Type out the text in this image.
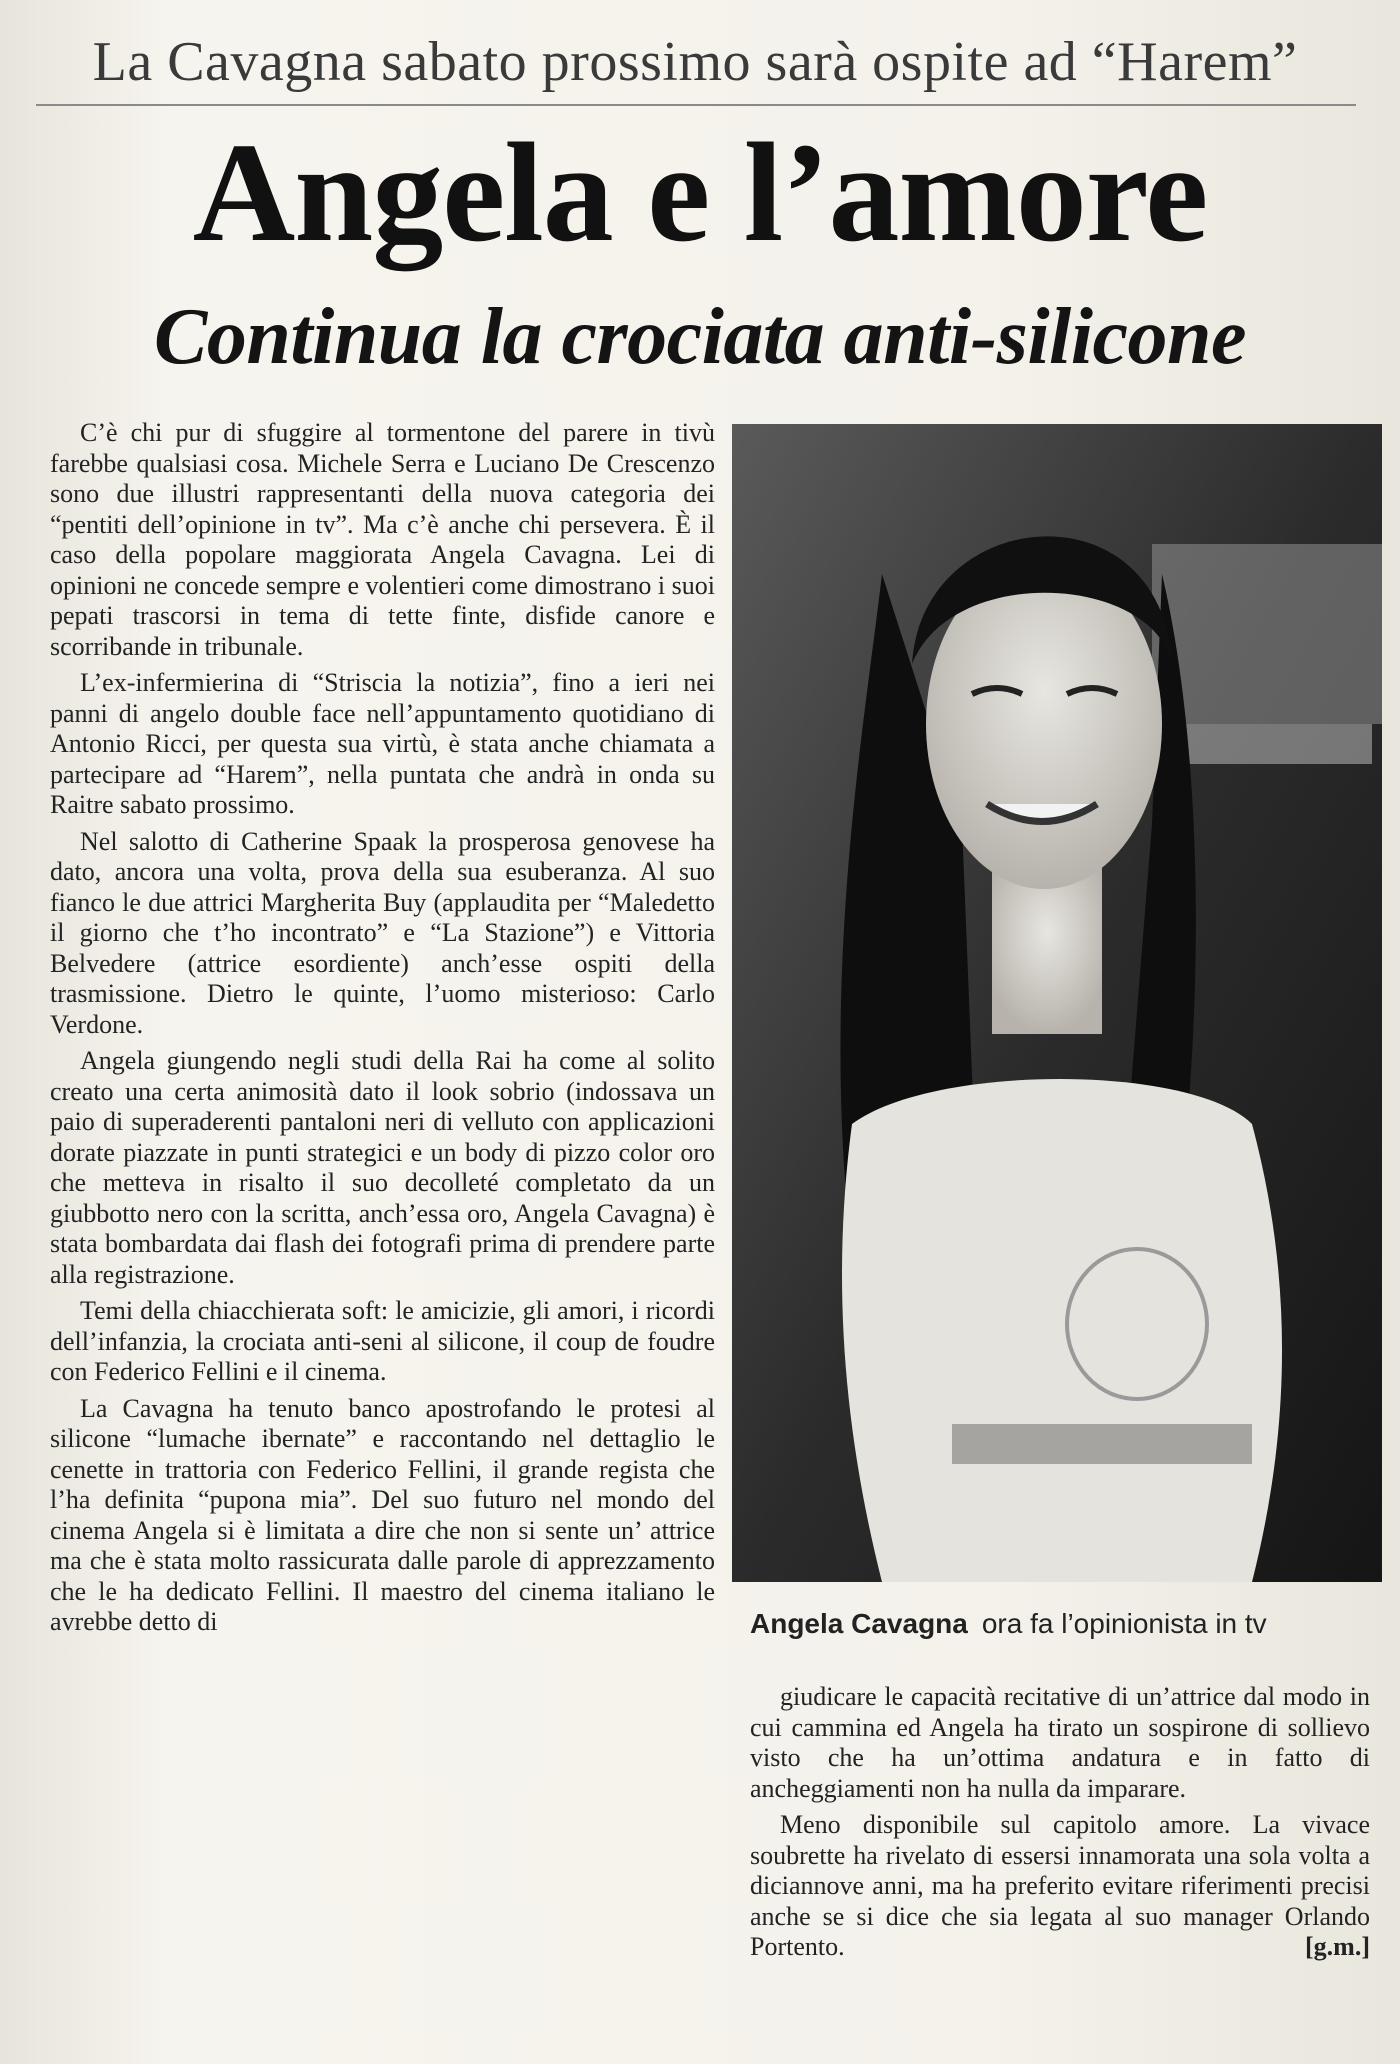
La Cavagna sabato prossimo sarà ospite ad “Harem”
Angela e l’amore
Continua la crociata anti-silicone

C’è chi pur di sfuggire al tormentone del parere in tivù farebbe qualsiasi cosa. Michele Serra e Luciano De Crescenzo sono due illustri rappresentanti della nuova categoria dei “pentiti dell’opinione in tv”. Ma c’è anche chi persevera. È il caso della popolare maggiorata Angela Cavagna. Lei di opinioni ne concede sempre e volentieri come dimostrano i suoi pepati trascorsi in tema di tette finte, disfide canore e scorribande in tribunale.

L’ex-infermierina di “Striscia la notizia”, fino a ieri nei panni di angelo double face nell’appuntamento quotidiano di Antonio Ricci, per questa sua virtù, è stata anche chiamata a partecipare ad “Harem”, nella puntata che andrà in onda su Raitre sabato prossimo.

Nel salotto di Catherine Spaak la prosperosa genovese ha dato, ancora una volta, prova della sua esuberanza. Al suo fianco le due attrici Margherita Buy (applaudita per “Maledetto il giorno che t’ho incontrato” e “La Stazione”) e Vittoria Belvedere (attrice esordiente) anch’esse ospiti della trasmissione. Dietro le quinte, l’uomo misterioso: Carlo Verdone.

Angela giungendo negli studi della Rai ha come al solito creato una certa animosità dato il look sobrio (indossava un paio di superaderenti pantaloni neri di velluto con applicazioni dorate piazzate in punti strategici e un body di pizzo color oro che metteva in risalto il suo decolleté completato da un giubbotto nero con la scritta, anch’essa oro, Angela Cavagna) è stata bombardata dai flash dei fotografi prima di prendere parte alla registrazione.

Temi della chiacchierata soft: le amicizie, gli amori, i ricordi dell’infanzia, la crociata anti-seni al silicone, il coup de foudre con Federico Fellini e il cinema.

La Cavagna ha tenuto banco apostrofando le protesi al silicone “lumache ibernate” e raccontando nel dettaglio le cenette in trattoria con Federico Fellini, il grande regista che l’ha definita “pupona mia”. Del suo futuro nel mondo del cinema Angela si è limitata a dire che non si sente un’ attrice ma che è stata molto rassicurata dalle parole di apprezzamento che le ha dedicato Fellini. Il maestro del cinema italiano le avrebbe detto di	Angela Cavagna ora fa l’opinionista in tv

giudicare le capacità recitative di un’attrice dal modo in cui cammina ed Angela ha tirato un sospirone di sollievo visto che ha un’ottima andatura e in fatto di ancheggiamenti non ha nulla da imparare.

Meno disponibile sul capitolo amore. La vivace soubrette ha rivelato di essersi innamorata una sola volta a diciannove anni, ma ha preferito evitare riferimenti precisi anche se si dice che sia legata al suo manager Orlando Portento.	[g.m.]
